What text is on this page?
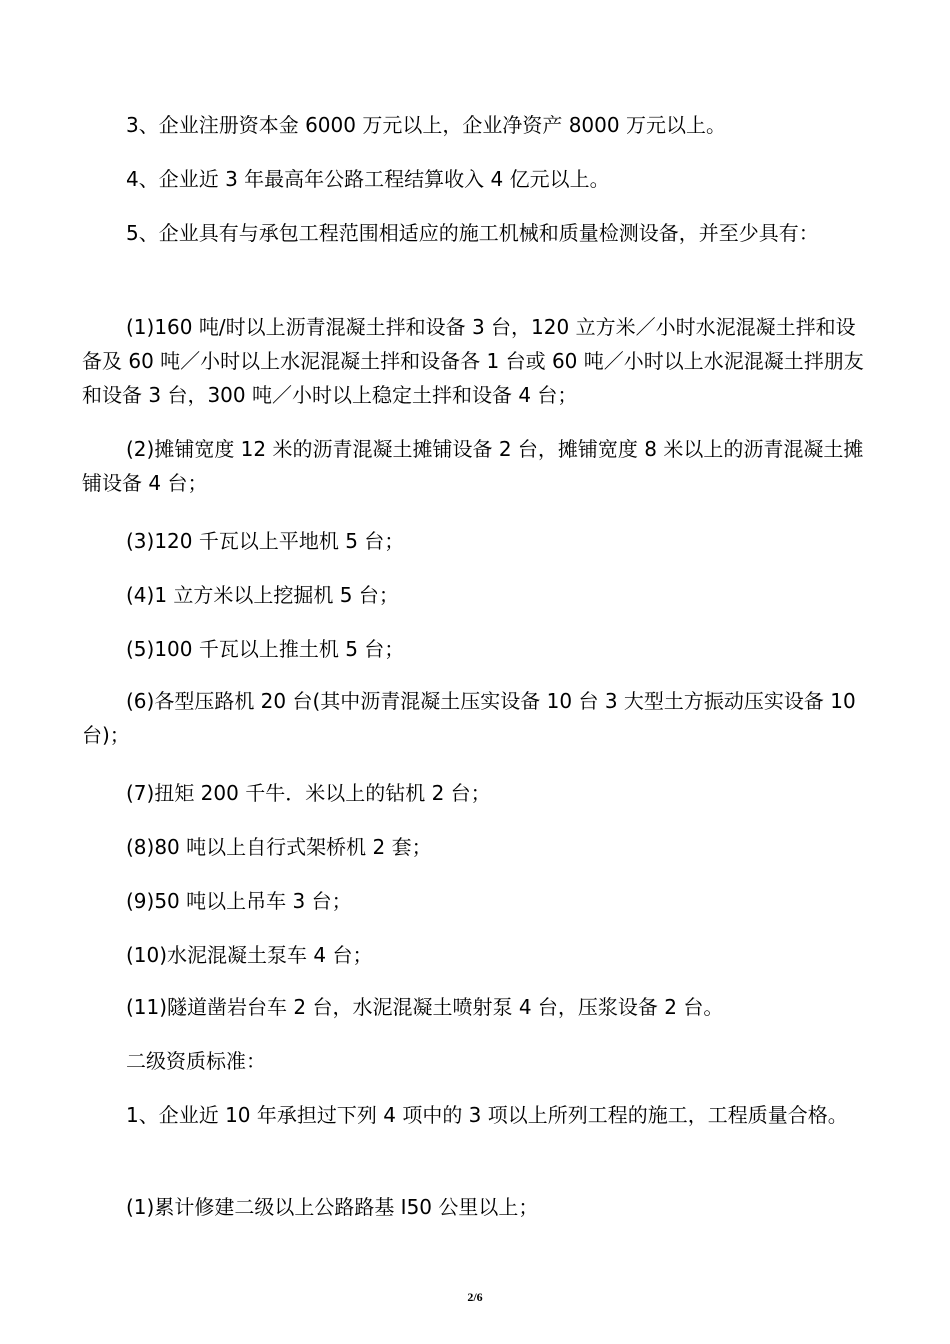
3、企业注册资本金 6000 万元以上，企业净资产 8000 万元以上。

4、企业近 3 年最高年公路工程结算收入 4 亿元以上。

5、企业具有与承包工程范围相适应的施工机械和质量检测设备，并至少具有：

(1)160 吨/时以上沥青混凝土拌和设备 3 台，120 立方米／小时水泥混凝土拌和设备及 60 吨／小时以上水泥混凝土拌和设备各 1 台或 60 吨／小时以上水泥混凝土拌朋友和设备 3 台，300 吨／小时以上稳定土拌和设备 4 台；

(2)摊铺宽度 12 米的沥青混凝土摊铺设备 2 台，摊铺宽度 8 米以上的沥青混凝土摊铺设备 4 台；

(3)120 千瓦以上平地机 5 台；

(4)1 立方米以上挖掘机 5 台；

(5)100 千瓦以上推土机 5 台；

(6)各型压路机 20 台(其中沥青混凝土压实设备 10 台 3 大型土方振动压实设备 10 台)；

(7)扭矩 200 千牛．米以上的钻机 2 台；

(8)80 吨以上自行式架桥机 2 套；

(9)50 吨以上吊车 3 台；

(10)水泥混凝土泵车 4 台；

(11)隧道凿岩台车 2 台，水泥混凝土喷射泵 4 台，压浆设备 2 台。

二级资质标准：

1、企业近 10 年承担过下列 4 项中的 3 项以上所列工程的施工，工程质量合格。

(1)累计修建二级以上公路路基 I50 公里以上；

2/6
